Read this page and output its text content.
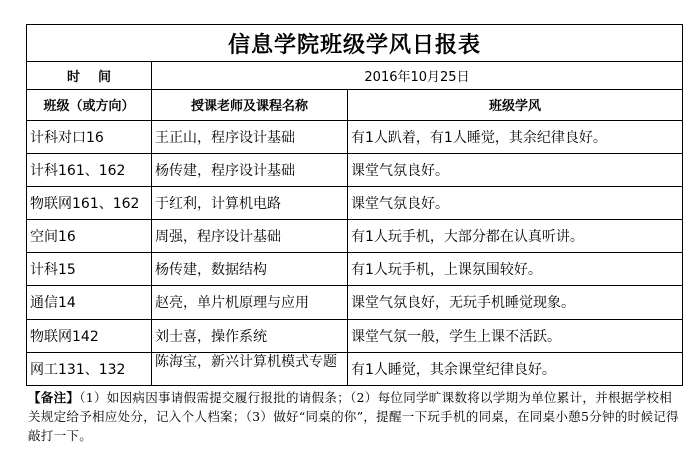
信息学院班级学风日报表		
时    间	2016年10月25日	
班级（或方向）	授课老师及课程名称	班级学风
计科对口16	王正山，程序设计基础	有1人趴着，有1人睡觉，其余纪律良好。
计科161、162	杨传建，程序设计基础	课堂气氛良好。
物联网161、162	于红利，计算机电路	课堂气氛良好。
空间16	周强，程序设计基础	有1人玩手机，大部分都在认真听讲。
计科15	杨传建，数据结构	有1人玩手机，上课氛围较好。
通信14	赵亮，单片机原理与应用	课堂气氛良好，无玩手机睡觉现象。
物联网142	刘士喜，操作系统	课堂气氛一般，学生上课不活跃。
网工131、132	陈海宝，新兴计算机模式专题	有1人睡觉，其余课堂纪律良好。
【备注】（1）如因病因事请假需提交履行报批的请假条；（2）每位同学旷课数将以学期为单位累计，并根据学校相关规定给予相应处分，记入个人档案；（3）做好“同桌的你”，提醒一下玩手机的同桌，在同桌小憩5分钟的时候记得敲打一下。
